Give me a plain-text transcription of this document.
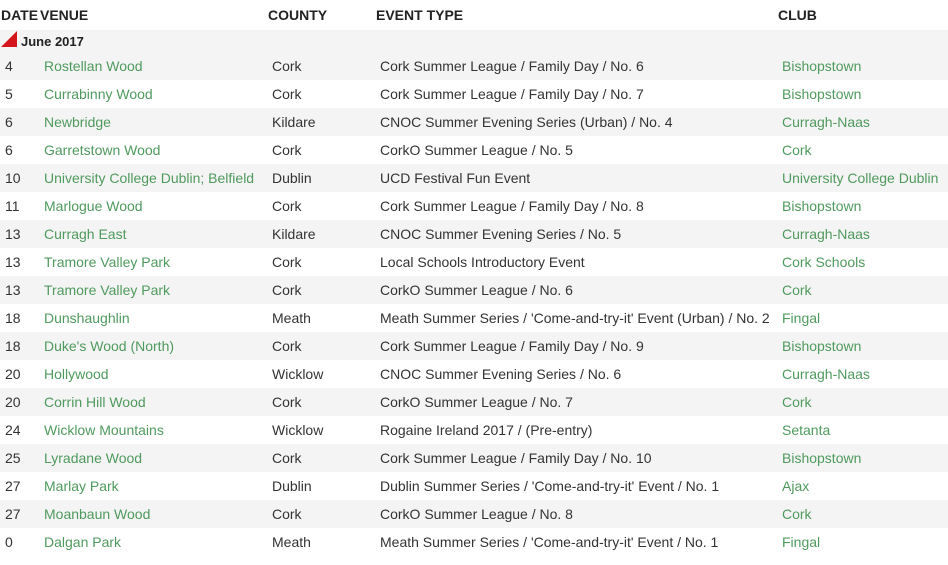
DATE	VENUE	COUNTY	EVENT TYPE	CLUB

June 2017				
4	Rostellan Wood	Cork	Cork Summer League / Family Day / No. 6	Bishopstown
5	Currabinny Wood	Cork	Cork Summer League / Family Day / No. 7	Bishopstown
6	Newbridge	Kildare	CNOC Summer Evening Series (Urban) / No. 4	Curragh-Naas
6	Garretstown Wood	Cork	CorkO Summer League / No. 5	Cork
10	University College Dublin; Belfield	Dublin	UCD Festival Fun Event	University College Dublin
11	Marlogue Wood	Cork	Cork Summer League / Family Day / No. 8	Bishopstown
13	Curragh East	Kildare	CNOC Summer Evening Series / No. 5	Curragh-Naas
13	Tramore Valley Park	Cork	Local Schools Introductory Event	Cork Schools
13	Tramore Valley Park	Cork	CorkO Summer League / No. 6	Cork
18	Dunshaughlin	Meath	Meath Summer Series / 'Come-and-try-it' Event (Urban) / No. 2	Fingal
18	Duke's Wood (North)	Cork	Cork Summer League / Family Day / No. 9	Bishopstown
20	Hollywood	Wicklow	CNOC Summer Evening Series / No. 6	Curragh-Naas
20	Corrin Hill Wood	Cork	CorkO Summer League / No. 7	Cork
24	Wicklow Mountains	Wicklow	Rogaine Ireland 2017 / (Pre-entry)	Setanta
25	Lyradane Wood	Cork	Cork Summer League / Family Day / No. 10	Bishopstown
27	Marlay Park	Dublin	Dublin Summer Series / 'Come-and-try-it' Event / No. 1	Ajax
27	Moanbaun Wood	Cork	CorkO Summer League / No. 8	Cork
0	Dalgan Park	Meath	Meath Summer Series / 'Come-and-try-it' Event / No. 1	Fingal
